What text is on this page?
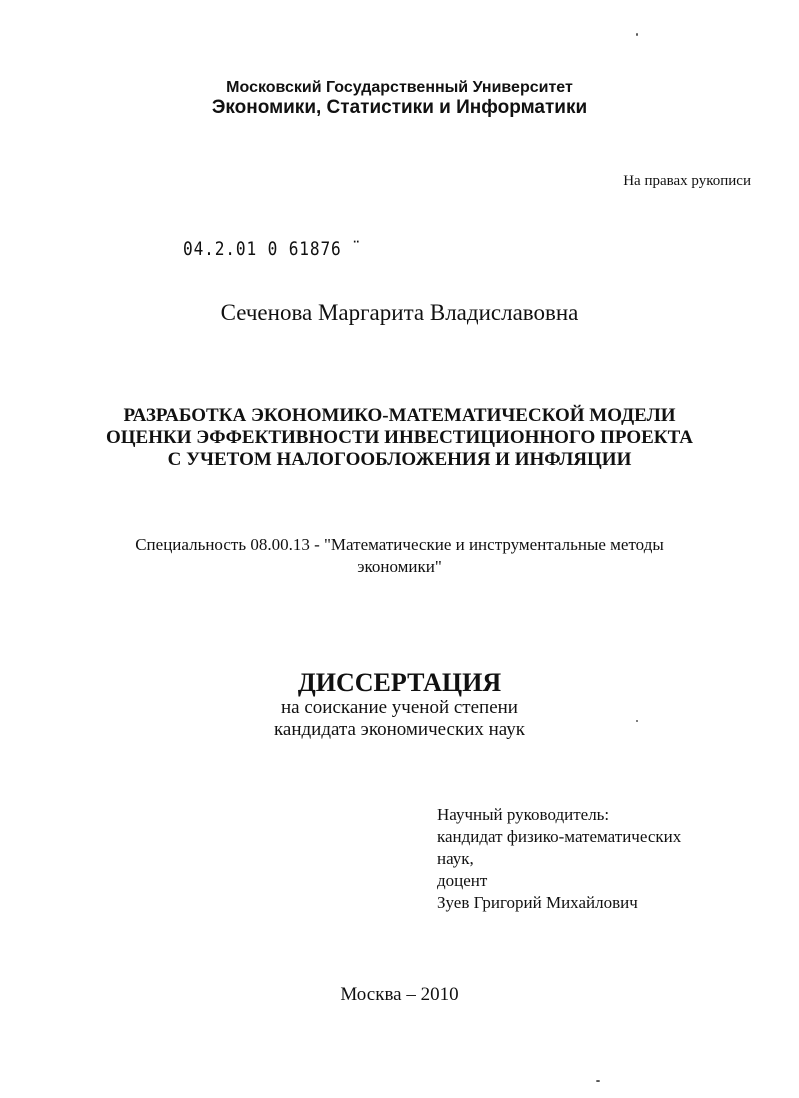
Московский Государственный Университет
Экономики, Статистики и Информатики
На правах рукописи
04.2.01 0 61876 ̈
Сеченова Маргарита Владиславовна
РАЗРАБОТКА ЭКОНОМИКО-МАТЕМАТИЧЕСКОЙ МОДЕЛИ
ОЦЕНКИ ЭФФЕКТИВНОСТИ ИНВЕСТИЦИОННОГО ПРОЕКТА
С УЧЕТОМ НАЛОГООБЛОЖЕНИЯ И ИНФЛЯЦИИ
Специальность 08.00.13 - "Математические и инструментальные методы
экономики"
ДИССЕРТАЦИЯ
на соискание ученой степени
кандидата экономических наук
Научный руководитель:
кандидат физико-математических
наук,
доцент
Зуев Григорий Михайлович
Москва – 2010
